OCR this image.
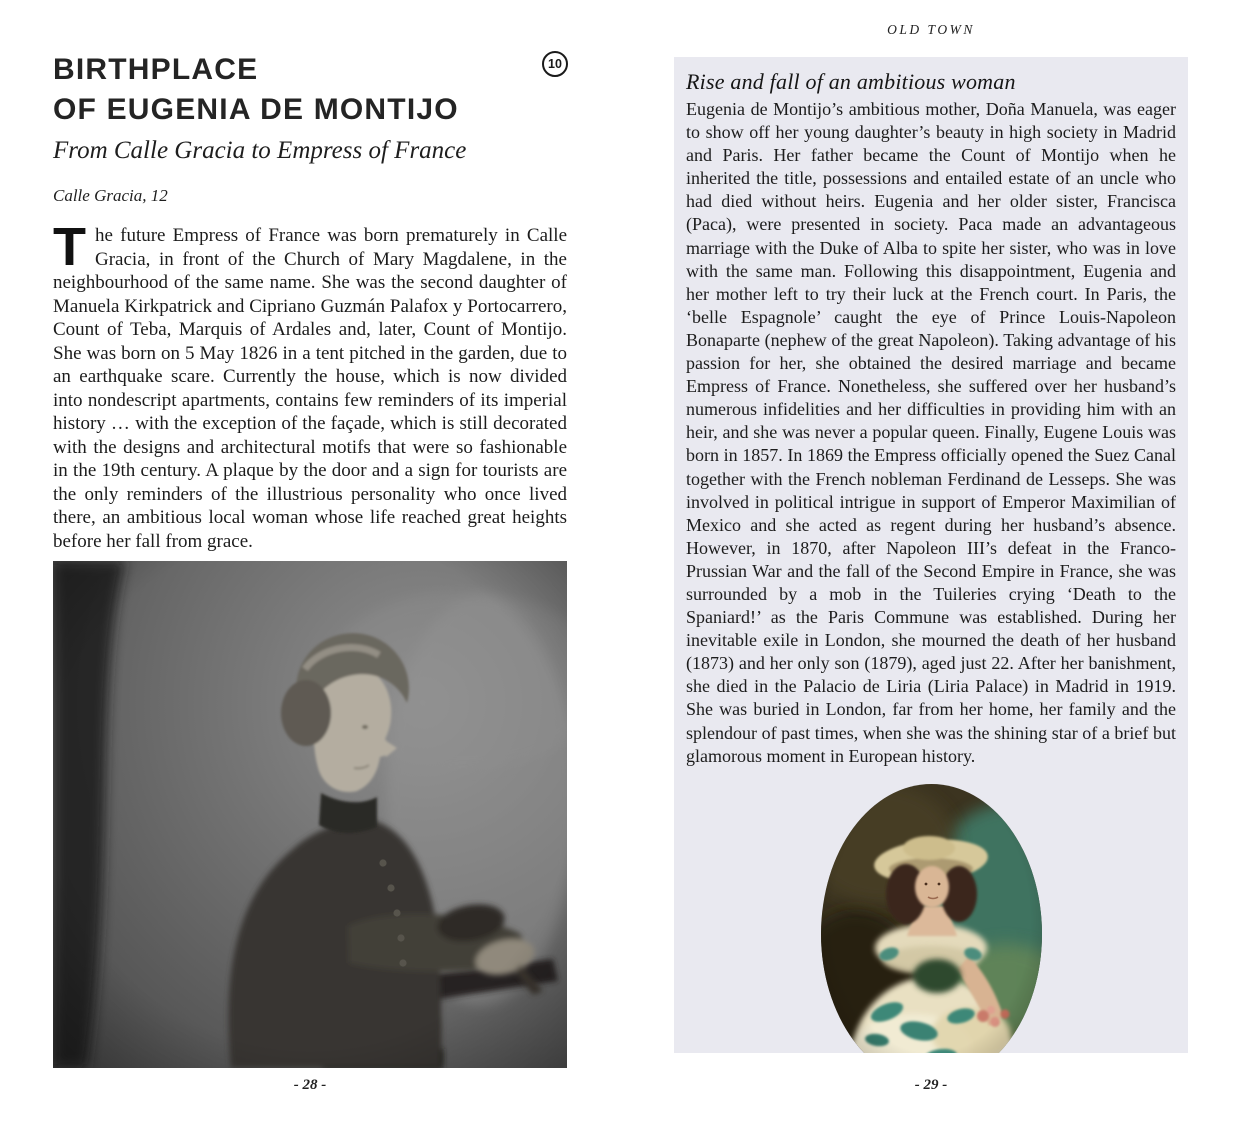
BIRTHPLACE
OF EUGENIA DE MONTIJO
10
From Calle Gracia to Empress of France
Calle Gracia, 12
The future Empress of France was born prematurely in Calle Gracia, in front of the Church of Mary Magdalene, in the neighbourhood of the same name. She was the second daughter of Manuela Kirkpatrick and Cipriano Guzmán Palafox y Portocarrero, Count of Teba, Marquis of Ardales and, later, Count of Montijo. She was born on 5 May 1826 in a tent pitched in the garden, due to an earthquake scare. Currently the house, which is now divided into nondescript apartments, contains few reminders of its imperial history … with the exception of the façade, which is still decorated with the designs and architectural motifs that were so fashionable in the 19th century. A plaque by the door and a sign for tourists are the only reminders of the illustrious personality who once lived there, an ambitious local woman whose life reached great heights before her fall from grace.
- 28 -
OLD TOWN
Rise and fall of an ambitious woman
Eugenia de Montijo’s ambitious mother, Doña Manuela, was eager to show off her young daughter’s beauty in high society in Madrid and Paris. Her father became the Count of Montijo when he inherited the title, possessions and entailed estate of an uncle who had died without heirs. Eugenia and her older sister, Francisca (Paca), were presented in society. Paca made an advantageous marriage with the Duke of Alba to spite her sister, who was in love with the same man. Following this disappointment, Eugenia and her mother left to try their luck at the French court. In Paris, the ‘belle Espagnole’ caught the eye of Prince Louis-Napoleon Bonaparte (nephew of the great Napoleon). Taking advantage of his passion for her, she obtained the desired marriage and became Empress of France. Nonetheless, she suffered over her husband’s numerous infidelities and her difficulties in providing him with an heir, and she was never a popular queen. Finally, Eugene Louis was born in 1857. In 1869 the Empress officially opened the Suez Canal together with the French nobleman Ferdinand de Lesseps. She was involved in political intrigue in support of Emperor Maximilian of Mexico and she acted as regent during her husband’s absence. However, in 1870, after Napoleon III’s defeat in the Franco-Prussian War and the fall of the Second Empire in France, she was surrounded by a mob in the Tuileries crying ‘Death to the Spaniard!’ as the Paris Commune was established. During her inevitable exile in London, she mourned the death of her husband (1873) and her only son (1879), aged just 22. After her banishment, she died in the Palacio de Liria (Liria Palace) in Madrid in 1919. She was buried in London, far from her home, her family and the splendour of past times, when she was the shining star of a brief but glamorous moment in European history.
- 29 -
